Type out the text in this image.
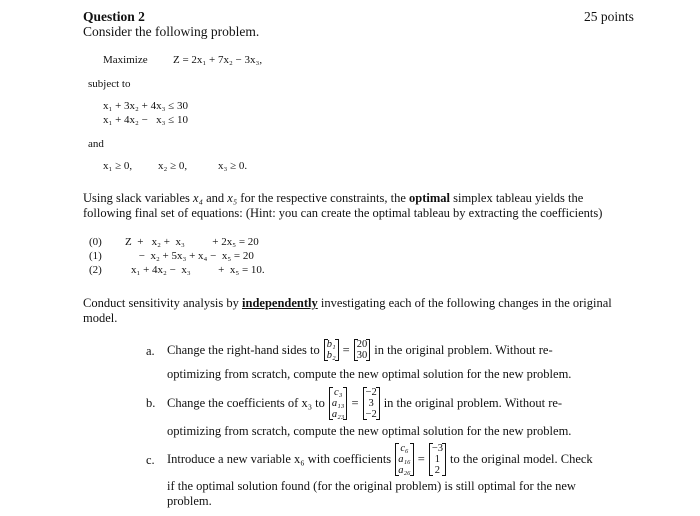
Question 2	25 points
Consider the following problem.
Maximize Z = 2x₁ + 7x₂ − 3x₃,
subject to
x₁ + 3x₂ + 4x₃ ≤ 30
x₁ + 4x₂ −   x₃ ≤ 10
and
x₁ ≥ 0, x₂ ≥ 0,	x₃ ≥ 0.
Using slack variables x₄ and x₅ for the respective constraints, the optimal simplex tableau yields the
following final set of equations: (Hint: you can create the optimal tableau by extracting the coefficients)
(0) Z  +   x₂ +  x₃          + 2x₅ = 20
(1) −  x₂ + 5x₃ + x₄ −  x₅ = 20
(2)	x₁ + 4x₂ −  x₃          +  x₅ = 10.
Conduct sensitivity analysis by independently investigating each of the following changes in the original
model.
a. Change the right-hand sides to b₁
b₂ = 20
30 in the original problem. Without re-
optimizing from scratch, compute the new optimal solution for the new problem.
b. Change the coefficients of x₃ to
c₃
a₁₃
a₂₃
=
−2
3
−2
in the original problem. Without re-
optimizing from scratch, compute the new optimal solution for the new problem.
c. Introduce a new variable x₆ with coefficients
c₆
a₁₆
a₂₆
=
−3
1
2
to the original model. Check
if the optimal solution found (for the original problem) is still optimal for the new
problem.
